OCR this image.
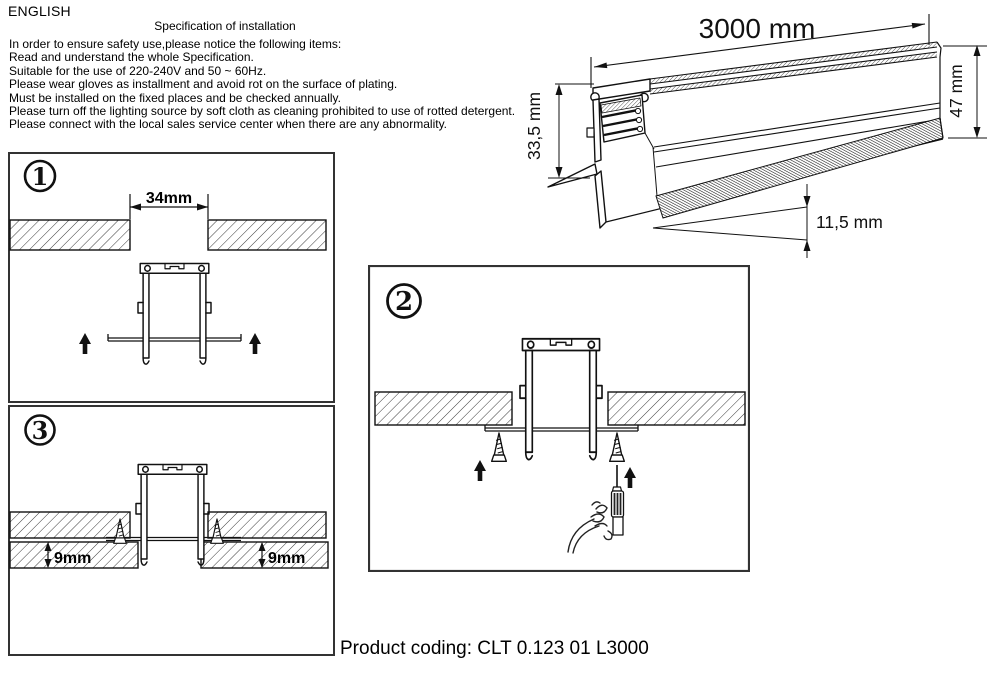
ENGLISH
Specification of installation
In order to ensure safety use,please notice the following items:
Read and understand the whole Specification.
Suitable for the use of 220-240V and 50 ~ 60Hz.
Please wear gloves as installment and avoid rot on the surface of plating.
Must be installed on the fixed places and be checked annually.
Please turn off the lighting source by soft cloth as cleaning prohibited to use of rotted detergent.
Please connect with the local sales service center when there are any abnormality.
3000 mm
33,5 mm
47 mm
11,5 mm
1
34mm
3
9mm	9mm
2
Product coding: CLT 0.123 01 L3000
